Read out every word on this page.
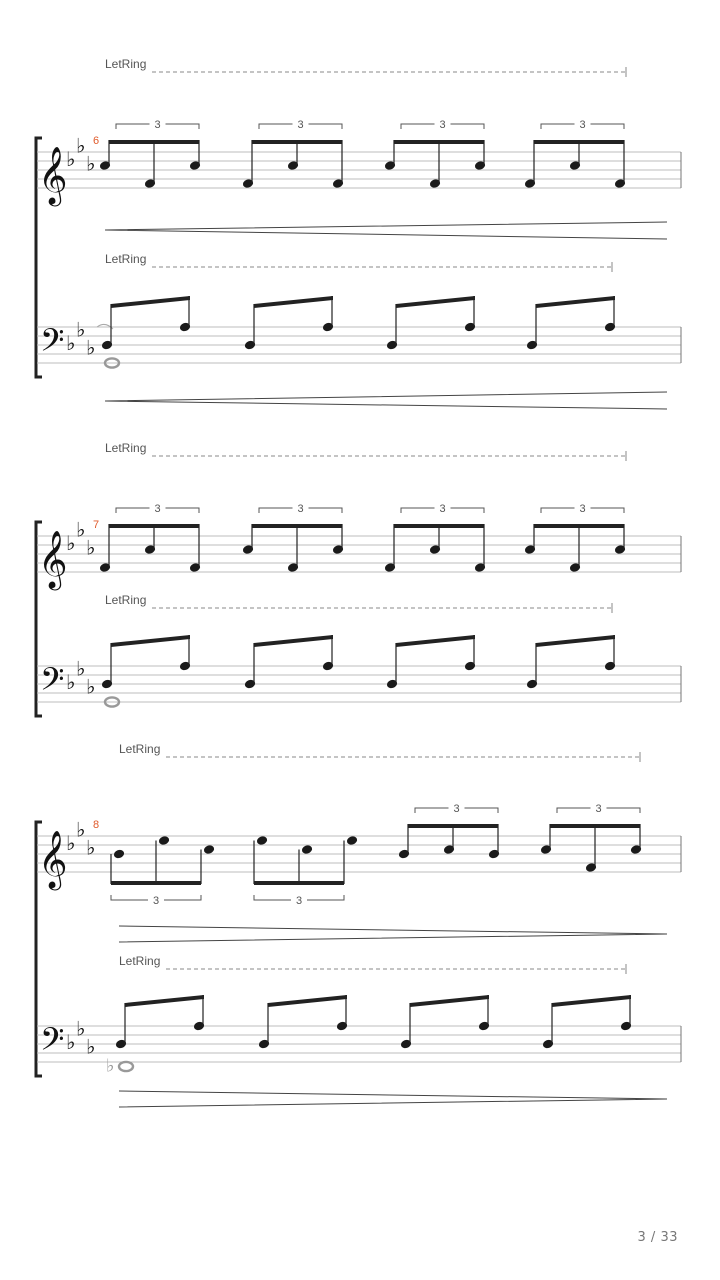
𝄞
𝄢
♭
♭
♭
♭
♭
♭
6
LetRing
LetRing
3	3	3	3
𝄞
𝄢
♭
♭
♭
♭
♭
♭
7
LetRing
LetRing
3	3	3	3
𝄞
𝄢
♭
♭
♭
♭
♭
♭
8
LetRing
LetRing
3	3
3	3
♭
3 / 33
